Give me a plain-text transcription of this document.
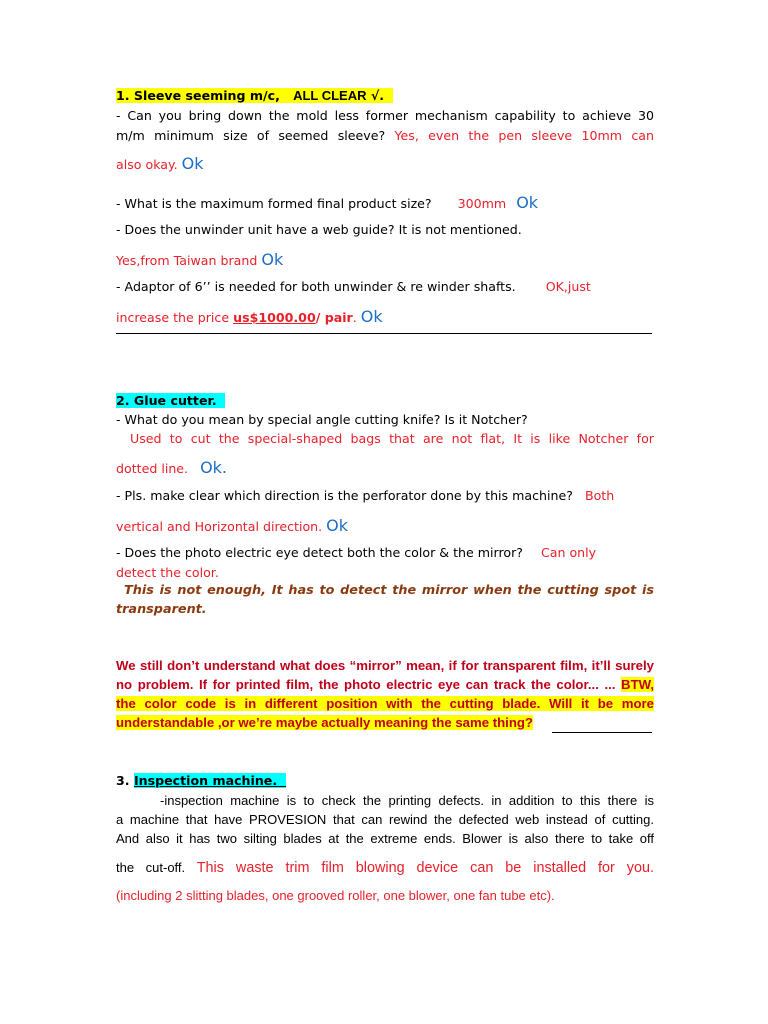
1. Sleeve seeming m/c, ALL CLEAR √.
- Can you bring down the mold less former mechanism capability to achieve 30
m/m minimum size of seemed sleeve? Yes, even the pen sleeve 10mm can
also okay. Ok
- What is the maximum formed final product size? 300mm Ok
- Does the unwinder unit have a web guide? It is not mentioned.
Yes,from Taiwan brand Ok
- Adaptor of 6’’ is needed for both unwinder & re winder shafts. OK,just
increase the price us$1000.00/ pair. Ok
2. Glue cutter.
- What do you mean by special angle cutting knife? Is it Notcher?
Used to cut the special-shaped bags that are not flat, It is like Notcher for
dotted line. Ok.
- Pls. make clear which direction is the perforator done by this machine? Both
vertical and Horizontal direction. Ok
- Does the photo electric eye detect both the color & the mirror? Can only
detect the color.
This is not enough, It has to detect the mirror when the cutting spot is
transparent.
We still don’t understand what does “mirror” mean, if for transparent film, it’ll surely
no problem. If for printed film, the photo electric eye can track the color... ... BTW,
the color code is in different position with the cutting blade. Will it be more
understandable ,or we’re maybe actually meaning the same thing?
3. Inspection machine.
-inspection machine is to check the printing defects. in addition to this there is
a machine that have PROVESION that can rewind the defected web instead of cutting.
And also it has two silting blades at the extreme ends. Blower is also there to take off
the cut-off. This waste trim film blowing device can be installed for you.
(including 2 slitting blades, one grooved roller, one blower, one fan tube etc).
